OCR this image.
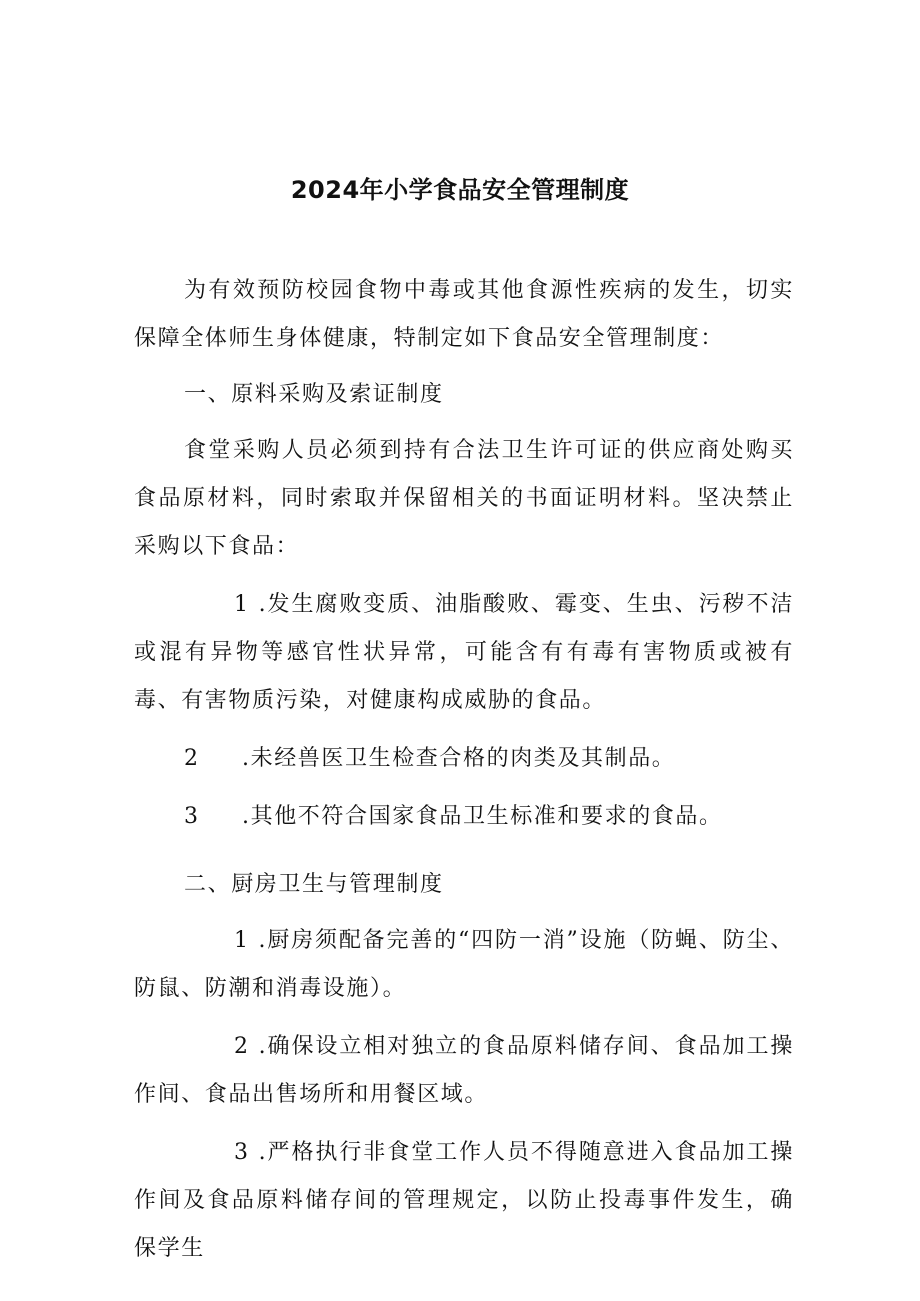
2024年小学食品安全管理制度

为有效预防校园食物中毒或其他食源性疾病的发生，切实保障全体师生身体健康，特制定如下食品安全管理制度：

一、原料采购及索证制度

食堂采购人员必须到持有合法卫生许可证的供应商处购买食品原材料，同时索取并保留相关的书面证明材料。坚决禁止采购以下食品：

1 .发生腐败变质、油脂酸败、霉变、生虫、污秽不洁或混有异物等感官性状异常，可能含有有毒有害物质或被有毒、有害物质污染，对健康构成威胁的食品。

2 .未经兽医卫生检查合格的肉类及其制品。

3 .其他不符合国家食品卫生标准和要求的食品。

二、厨房卫生与管理制度

1 .厨房须配备完善的“四防一消”设施（防蝇、防尘、防鼠、防潮和消毒设施）。

2 .确保设立相对独立的食品原料储存间、食品加工操作间、食品出售场所和用餐区域。

3 .严格执行非食堂工作人员不得随意进入食品加工操作间及食品原料储存间的管理规定，以防止投毒事件发生，确保学生
